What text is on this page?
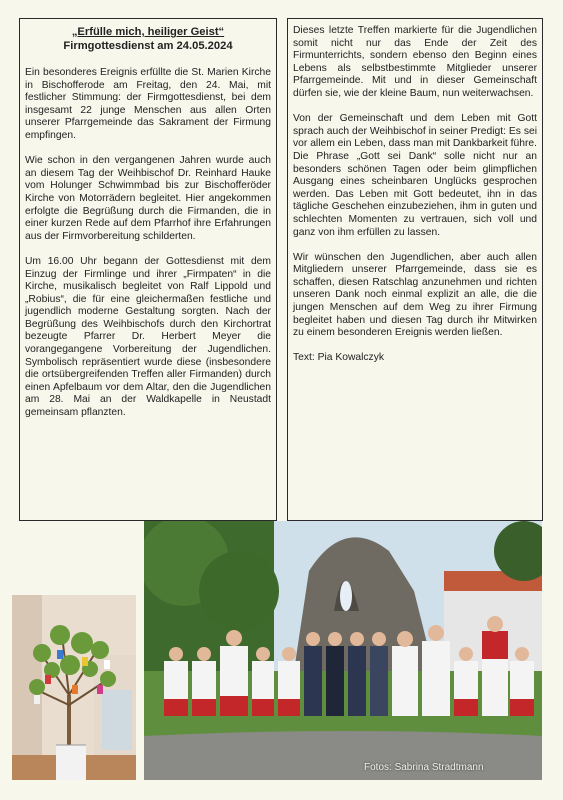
„Erfülle mich, heiliger Geist“
Firmgottesdienst am 24.05.2024

Ein besonderes Ereignis erfüllte die St. Marien Kirche in Bischofferode am Freitag, den 24. Mai, mit festlicher Stimmung: der Firmgottesdienst, bei dem insgesamt 22 junge Menschen aus allen Orten unserer Pfarrgemeinde das Sakrament der Firmung empfingen.

Wie schon in den vergangenen Jahren wurde auch an diesem Tag der Weihbischof Dr. Reinhard Hauke vom Holunger Schwimmbad bis zur Bischofferöder Kirche von Motorrädern begleitet. Hier angekommen erfolgte die Begrüßung durch die Firmanden, die in einer kurzen Rede auf dem Pfarrhof ihre Erfahrungen aus der Firmvorbereitung schilderten.

Um 16.00 Uhr begann der Gottesdienst mit dem Einzug der Firmlinge und ihrer „Firmpaten“ in die Kirche, musikalisch begleitet von Ralf Lippold und „Robius“, die für eine gleichermaßen festliche und jugendlich moderne Gestaltung sorgten. Nach der Begrüßung des Weihbischofs durch den Kirchortrat bezeugte Pfarrer Dr. Herbert Meyer die vorangegangene Vorbereitung der Jugendlichen. Symbolisch repräsentiert wurde diese (insbesondere die ortsübergreifenden Treffen aller Firmanden) durch einen Apfelbaum vor dem Altar, den die Jugendlichen am 28. Mai an der Waldkapelle in Neustadt gemeinsam pflanzten.

Dieses letzte Treffen markierte für die Jugendlichen somit nicht nur das Ende der Zeit des Firmunterrichts, sondern ebenso den Beginn eines Lebens als selbstbestimmte Mitglieder unserer Pfarrgemeinde. Mit und in dieser Gemeinschaft dürfen sie, wie der kleine Baum, nun weiterwachsen.

Von der Gemeinschaft und dem Leben mit Gott sprach auch der Weihbischof in seiner Predigt: Es sei vor allem ein Leben, dass man mit Dankbarkeit führe. Die Phrase „Gott sei Dank“ solle nicht nur an besonders schönen Tagen oder beim glimpflichen Ausgang eines scheinbaren Unglücks gesprochen werden. Das Leben mit Gott bedeutet, ihn in das tägliche Geschehen einzubeziehen, ihm in guten und schlechten Momenten zu vertrauen, sich voll und ganz von ihm erfüllen zu lassen.

Wir wünschen den Jugendlichen, aber auch allen Mitgliedern unserer Pfarrgemeinde, dass sie es schaffen, diesen Ratschlag anzunehmen und richten unseren Dank noch einmal explizit an alle, die die jungen Menschen auf dem Weg zu ihrer Firmung begleitet haben und diesen Tag durch ihr Mitwirken zu einem besonderen Ereignis werden ließen.

Text: Pia Kowalczyk
Fotos: Sabrina Stradtmann
